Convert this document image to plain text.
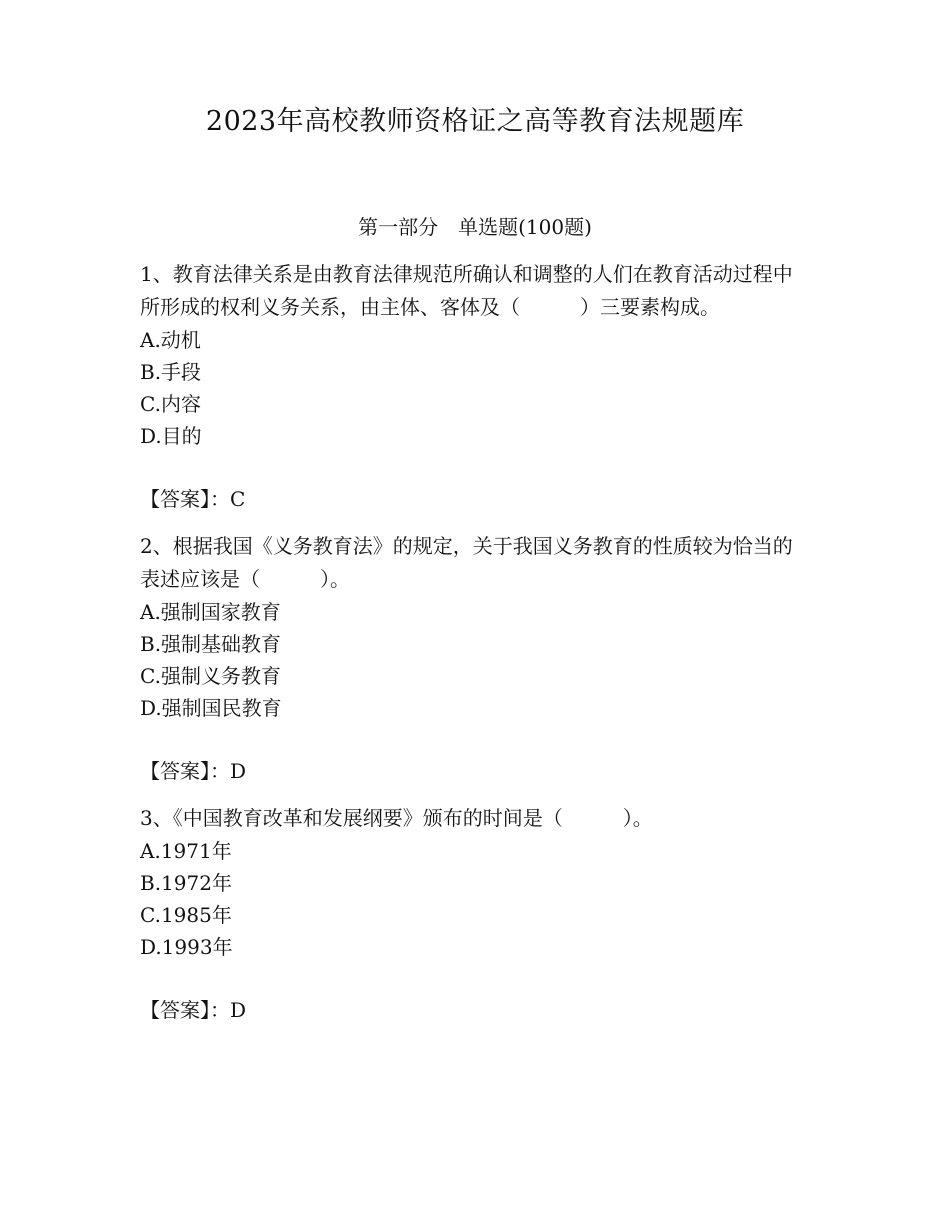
2023年高校教师资格证之高等教育法规题库
第一部分　单选题(100题)

1、教育法律关系是由教育法律规范所确认和调整的人们在教育活动过程中所形成的权利义务关系，由主体、客体及（　　　）三要素构成。

A.动机
B.手段
C.内容
D.目的
【答案】：C

2、根据我国《义务教育法》的规定，关于我国义务教育的性质较为恰当的表述应该是（　　　）。

A.强制国家教育
B.强制基础教育
C.强制义务教育
D.强制国民教育
【答案】：D

3、《中国教育改革和发展纲要》颁布的时间是（　　　）。

A.1971年
B.1972年
C.1985年
D.1993年
【答案】：D
